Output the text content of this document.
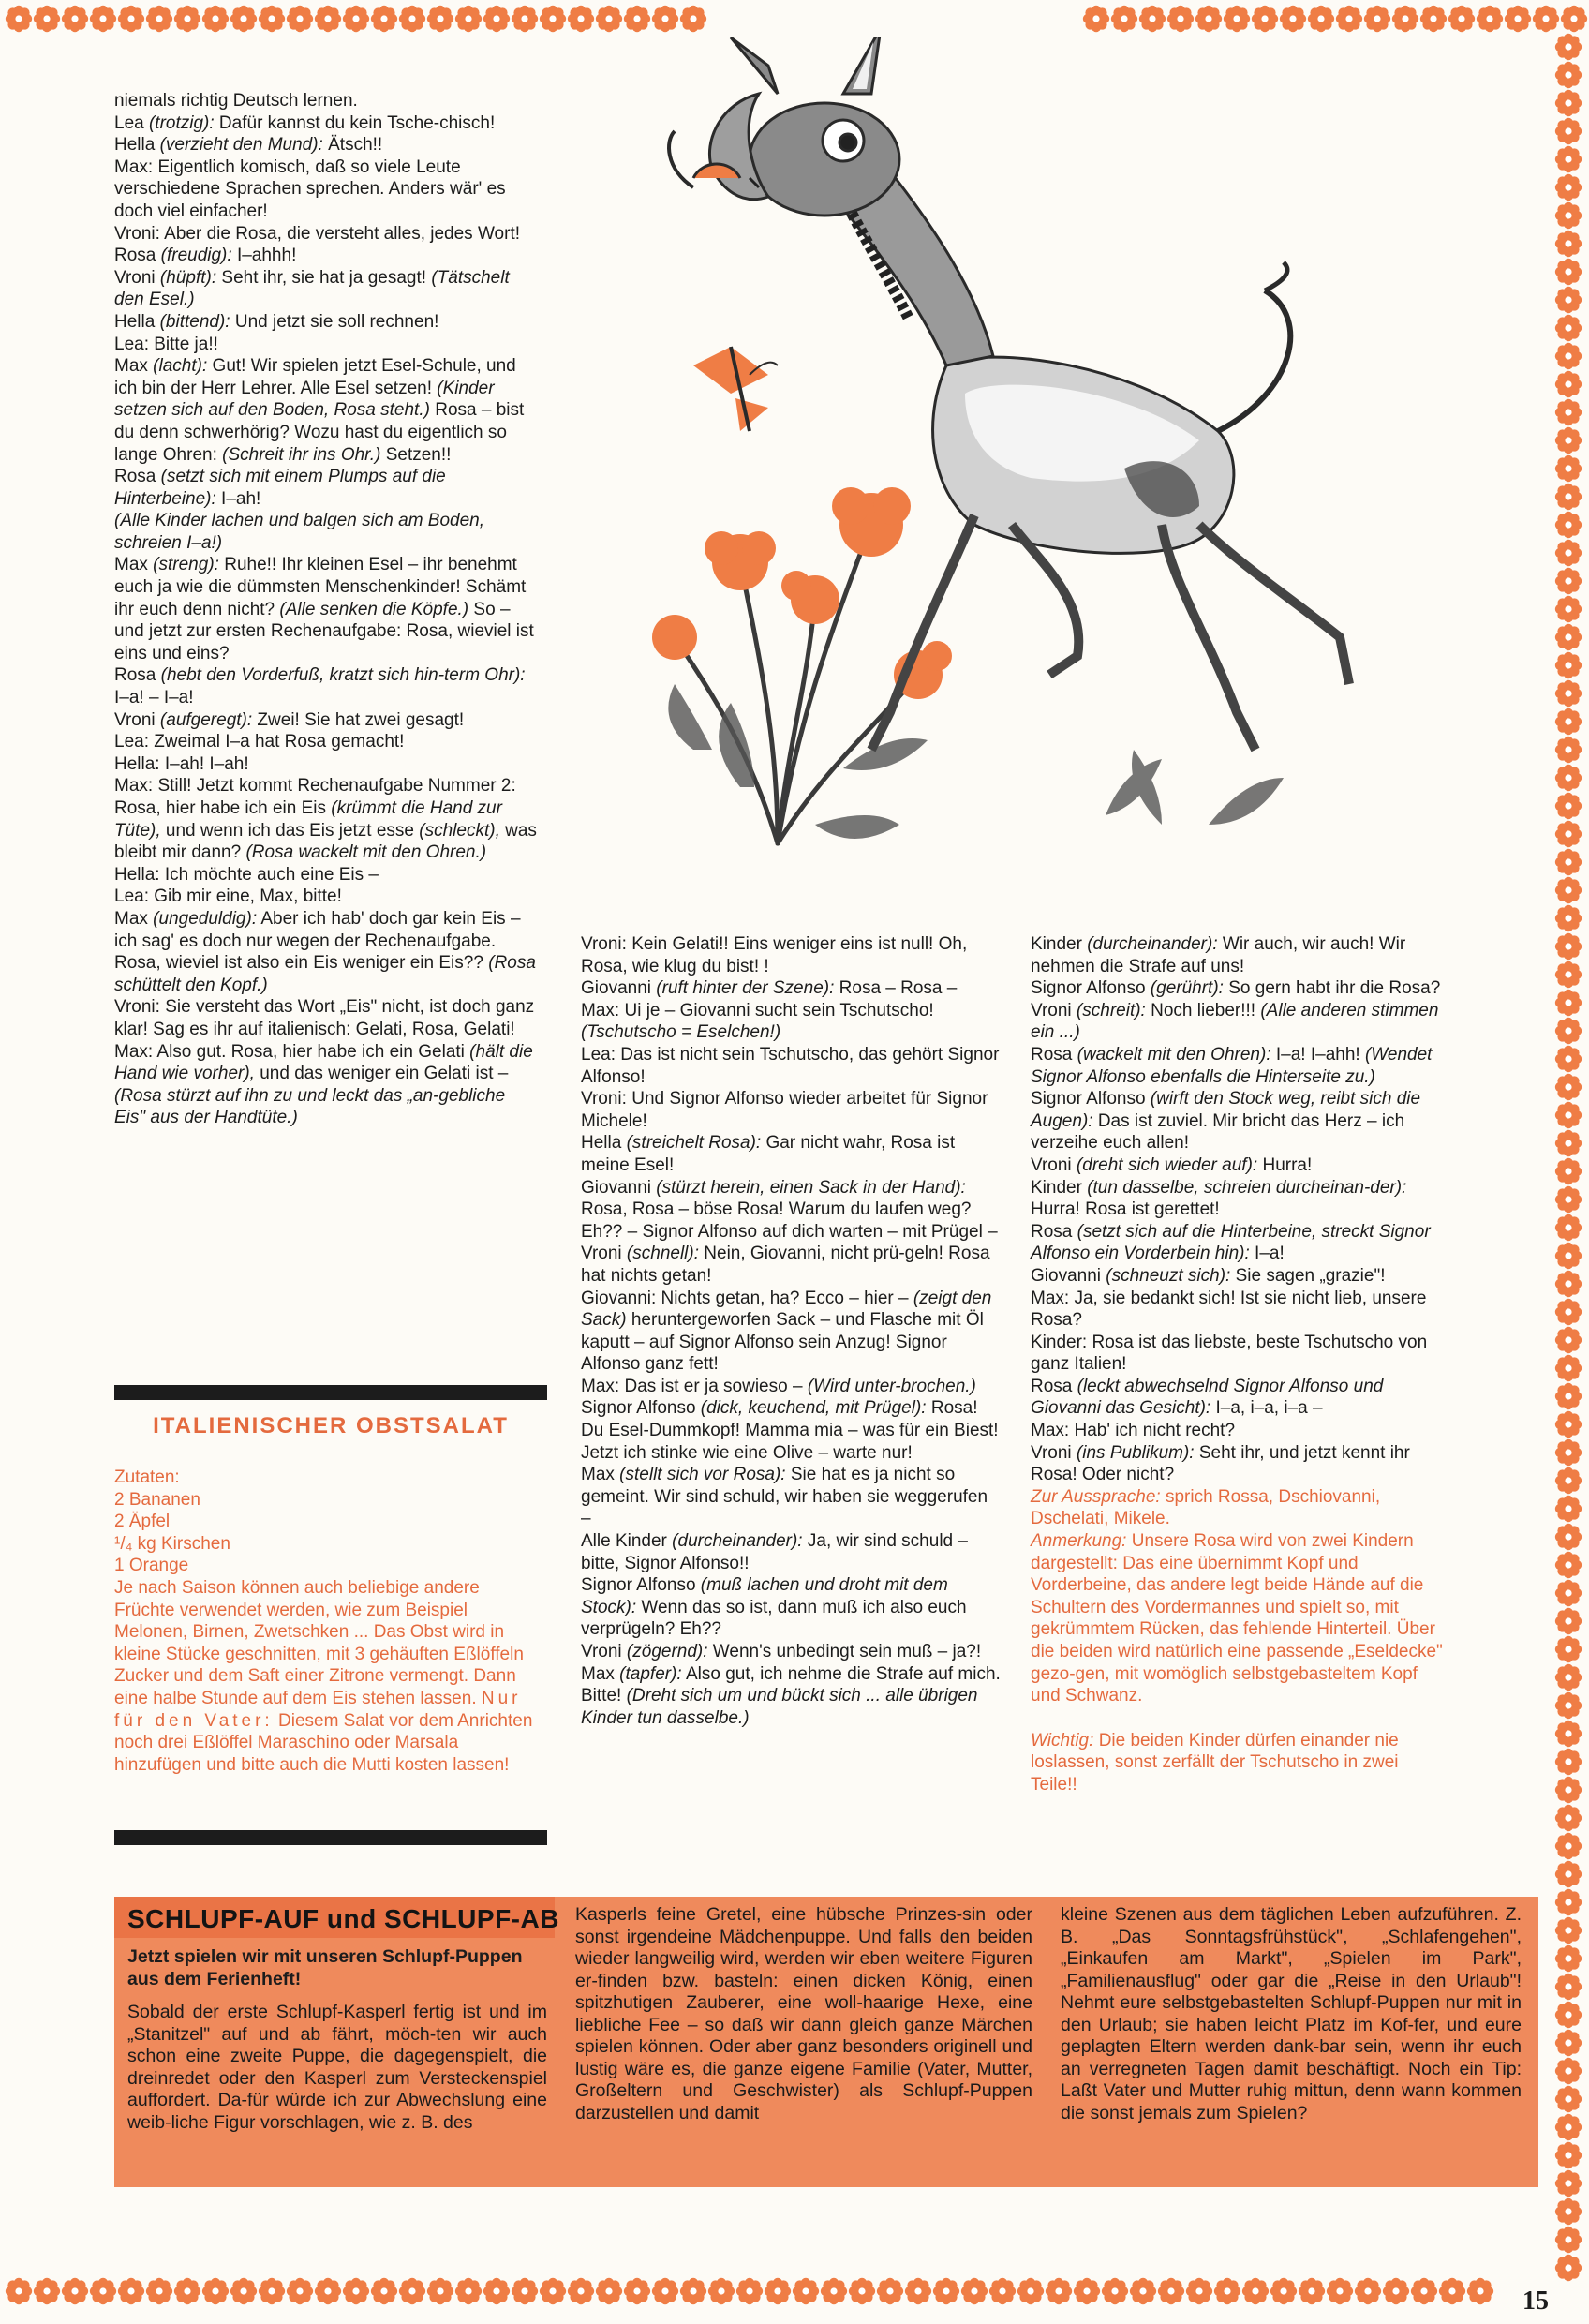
niemals richtig Deutsch lernen.

Lea (trotzig): Dafür kannst du kein Tsche-chisch!

Hella (verzieht den Mund): Ätsch!!

Max: Eigentlich komisch, daß so viele Leute verschiedene Sprachen sprechen. Anders wär' es doch viel einfacher!

Vroni: Aber die Rosa, die versteht alles, jedes Wort!

Rosa (freudig): I–ahhh!

Vroni (hüpft): Seht ihr, sie hat ja gesagt! (Tätschelt den Esel.)

Hella (bittend): Und jetzt sie soll rechnen!

Lea: Bitte ja!!

Max (lacht): Gut! Wir spielen jetzt Esel-Schule, und ich bin der Herr Lehrer. Alle Esel setzen! (Kinder setzen sich auf den Boden, Rosa steht.) Rosa – bist du denn schwerhörig? Wozu hast du eigentlich so lange Ohren: (Schreit ihr ins Ohr.) Setzen!!

Rosa (setzt sich mit einem Plumps auf die Hinterbeine): I–ah!

(Alle Kinder lachen und balgen sich am Boden, schreien I–a!)

Max (streng): Ruhe!! Ihr kleinen Esel – ihr benehmt euch ja wie die dümmsten Menschenkinder! Schämt ihr euch denn nicht? (Alle senken die Köpfe.) So – und jetzt zur ersten Rechenaufgabe: Rosa, wieviel ist eins und eins?

Rosa (hebt den Vorderfuß, kratzt sich hin-term Ohr): I–a! – I–a!

Vroni (aufgeregt): Zwei! Sie hat zwei gesagt!

Lea: Zweimal I–a hat Rosa gemacht!

Hella: I–ah! I–ah!

Max: Still! Jetzt kommt Rechenaufgabe Nummer 2: Rosa, hier habe ich ein Eis (krümmt die Hand zur Tüte), und wenn ich das Eis jetzt esse (schleckt), was bleibt mir dann? (Rosa wackelt mit den Ohren.)

Hella: Ich möchte auch eine Eis –

Lea: Gib mir eine, Max, bitte!

Max (ungeduldig): Aber ich hab' doch gar kein Eis – ich sag' es doch nur wegen der Rechenaufgabe. Rosa, wieviel ist also ein Eis weniger ein Eis?? (Rosa schüttelt den Kopf.)

Vroni: Sie versteht das Wort „Eis" nicht, ist doch ganz klar! Sag es ihr auf italienisch: Gelati, Rosa, Gelati!

Max: Also gut. Rosa, hier habe ich ein Gelati (hält die Hand wie vorher), und das weniger ein Gelati ist –

(Rosa stürzt auf ihn zu und leckt das „an-gebliche Eis" aus der Handtüte.)

ITALIENISCHER OBSTSALAT

Zutaten:

2 Bananen

2 Äpfel

¹/₄ kg Kirschen

1 Orange

Je nach Saison können auch beliebige andere Früchte verwendet werden, wie zum Beispiel Melonen, Birnen, Zwetschken ... Das Obst wird in kleine Stücke geschnitten, mit 3 gehäuften Eßlöffeln Zucker und dem Saft einer Zitrone vermengt. Dann eine halbe Stunde auf dem Eis stehen lassen. Nur für den Vater: Diesem Salat vor dem Anrichten noch drei Eßlöffel Maraschino oder Marsala hinzufügen und bitte auch die Mutti kosten lassen!

Vroni: Kein Gelati!! Eins weniger eins ist null! Oh, Rosa, wie klug du bist! !

Giovanni (ruft hinter der Szene): Rosa – Rosa –

Max: Ui je – Giovanni sucht sein Tschutscho! (Tschutscho = Eselchen!)

Lea: Das ist nicht sein Tschutscho, das gehört Signor Alfonso!

Vroni: Und Signor Alfonso wieder arbeitet für Signor Michele!

Hella (streichelt Rosa): Gar nicht wahr, Rosa ist meine Esel!

Giovanni (stürzt herein, einen Sack in der Hand): Rosa, Rosa – böse Rosa! Warum du laufen weg? Eh?? – Signor Alfonso auf dich warten – mit Prügel –

Vroni (schnell): Nein, Giovanni, nicht prü-geln! Rosa hat nichts getan!

Giovanni: Nichts getan, ha? Ecco – hier – (zeigt den Sack) heruntergeworfen Sack – und Flasche mit Öl kaputt – auf Signor Alfonso sein Anzug! Signor Alfonso ganz fett!

Max: Das ist er ja sowieso – (Wird unter-brochen.)

Signor Alfonso (dick, keuchend, mit Prügel): Rosa! Du Esel-Dummkopf! Mamma mia – was für ein Biest! Jetzt ich stinke wie eine Olive – warte nur!

Max (stellt sich vor Rosa): Sie hat es ja nicht so gemeint. Wir sind schuld, wir haben sie weggerufen –

Alle Kinder (durcheinander): Ja, wir sind schuld – bitte, Signor Alfonso!!

Signor Alfonso (muß lachen und droht mit dem Stock): Wenn das so ist, dann muß ich also euch verprügeln? Eh??

Vroni (zögernd): Wenn's unbedingt sein muß – ja?!

Max (tapfer): Also gut, ich nehme die Strafe auf mich. Bitte! (Dreht sich um und bückt sich ... alle übrigen Kinder tun dasselbe.)

Kinder (durcheinander): Wir auch, wir auch! Wir nehmen die Strafe auf uns!

Signor Alfonso (gerührt): So gern habt ihr die Rosa?

Vroni (schreit): Noch lieber!!! (Alle anderen stimmen ein ...)

Rosa (wackelt mit den Ohren): I–a! I–ahh! (Wendet Signor Alfonso ebenfalls die Hinterseite zu.)

Signor Alfonso (wirft den Stock weg, reibt sich die Augen): Das ist zuviel. Mir bricht das Herz – ich verzeihe euch allen!

Vroni (dreht sich wieder auf): Hurra!

Kinder (tun dasselbe, schreien durcheinan-der): Hurra! Rosa ist gerettet!

Rosa (setzt sich auf die Hinterbeine, streckt Signor Alfonso ein Vorderbein hin): I–a!

Giovanni (schneuzt sich): Sie sagen „grazie"!

Max: Ja, sie bedankt sich! Ist sie nicht lieb, unsere Rosa?

Kinder: Rosa ist das liebste, beste Tschutscho von ganz Italien!

Rosa (leckt abwechselnd Signor Alfonso und Giovanni das Gesicht): I–a, i–a, i–a –

Max: Hab' ich nicht recht?

Vroni (ins Publikum): Seht ihr, und jetzt kennt ihr Rosa! Oder nicht?

Zur Aussprache: sprich Rossa, Dschiovanni, Dschelati, Mikele.

Anmerkung: Unsere Rosa wird von zwei Kindern dargestellt: Das eine übernimmt Kopf und Vorderbeine, das andere legt beide Hände auf die Schultern des Vordermannes und spielt so, mit gekrümmtem Rücken, das fehlende Hinterteil. Über die beiden wird natürlich eine passende „Eseldecke" gezo-gen, mit womöglich selbstgebasteltem Kopf und Schwanz.

Wichtig: Die beiden Kinder dürfen einander nie loslassen, sonst zerfällt der Tschutscho in zwei Teile!!

SCHLUPF-AUF und SCHLUPF-AB
Jetzt spielen wir mit unseren Schlupf-Puppen aus dem Ferienheft!
Sobald der erste Schlupf-Kasperl fertig ist und im „Stanitzel" auf und ab fährt, möch-ten wir auch schon eine zweite Puppe, die dagegenspielt, die dreinredet oder den Kasperl zum Versteckenspiel auffordert. Da-für würde ich zur Abwechslung eine weib-liche Figur vorschlagen, wie z. B. des
Kasperls feine Gretel, eine hübsche Prinzes-sin oder sonst irgendeine Mädchenpuppe. Und falls den beiden wieder langweilig wird, werden wir eben weitere Figuren er-finden bzw. basteln: einen dicken König, einen spitzhutigen Zauberer, eine woll-haarige Hexe, eine liebliche Fee – so daß wir dann gleich ganze Märchen spielen können. Oder aber ganz besonders originell und lustig wäre es, die ganze eigene Familie (Vater, Mutter, Großeltern und Geschwister) als Schlupf-Puppen darzustellen und damit
kleine Szenen aus dem täglichen Leben aufzuführen. Z. B. „Das Sonntagsfrühstück", „Schlafengehen", „Einkaufen am Markt", „Spielen im Park", „Familienausflug" oder gar die „Reise in den Urlaub"! Nehmt eure selbstgebastelten Schlupf-Puppen nur mit in den Urlaub; sie haben leicht Platz im Kof-fer, und eure geplagten Eltern werden dank-bar sein, wenn ihr euch an verregneten Tagen damit beschäftigt. Noch ein Tip: Laßt Vater und Mutter ruhig mittun, denn wann kommen die sonst jemals zum Spielen?
15
